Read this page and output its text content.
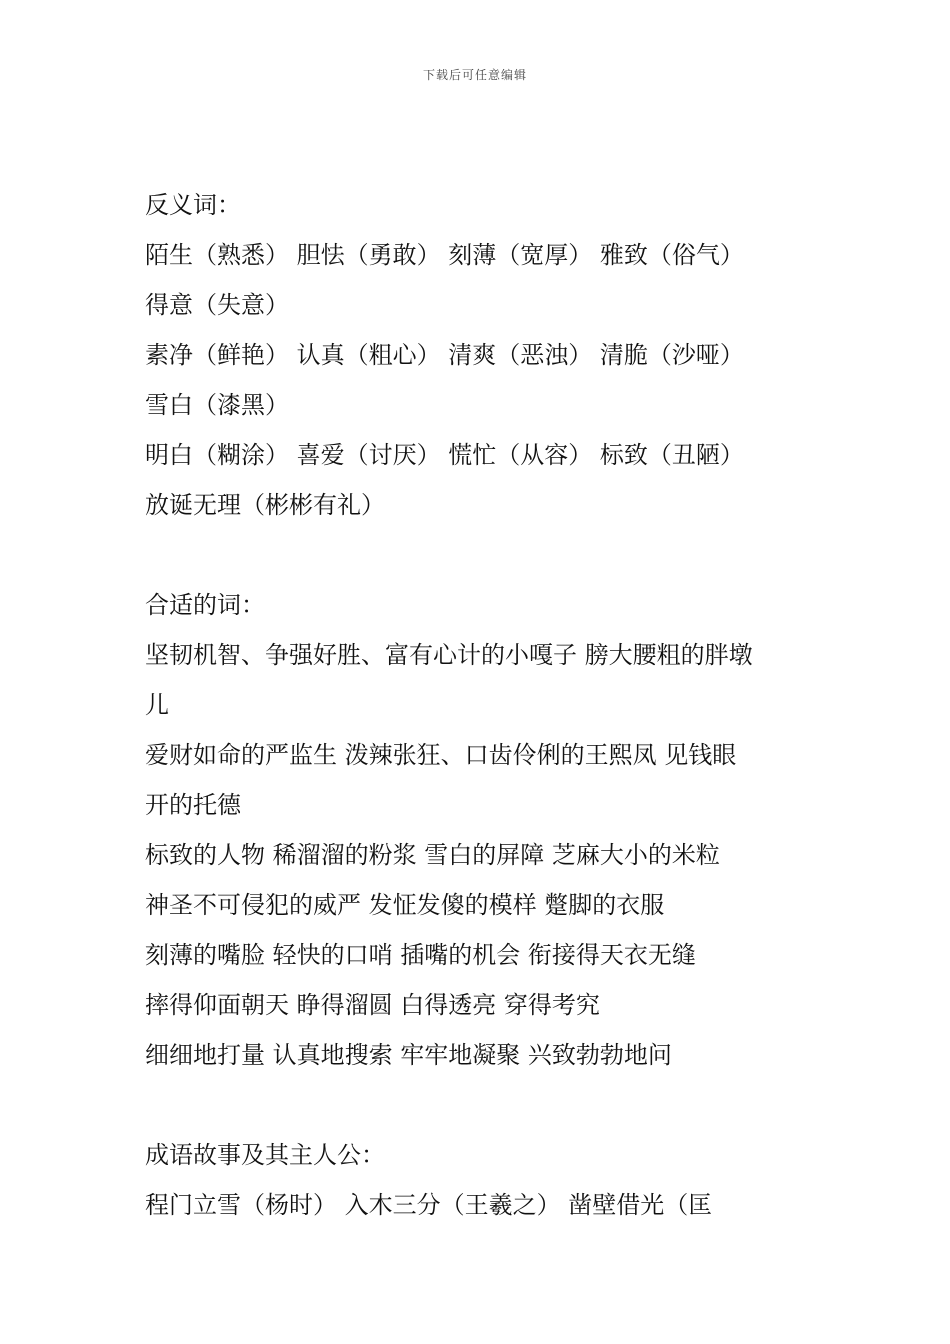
下载后可任意编辑
反义词：
陌生（熟悉） 胆怯（勇敢） 刻薄（宽厚） 雅致（俗气）
得意（失意）
素净（鲜艳） 认真（粗心） 清爽（恶浊） 清脆（沙哑）
雪白（漆黑）
明白（糊涂） 喜爱（讨厌） 慌忙（从容） 标致（丑陋）
放诞无理（彬彬有礼）
合适的词：
坚韧机智、争强好胜、富有心计的小嘎子 膀大腰粗的胖墩
儿
爱财如命的严监生 泼辣张狂、口齿伶俐的王熙凤 见钱眼
开的托德
标致的人物 稀溜溜的粉浆 雪白的屏障 芝麻大小的米粒
神圣不可侵犯的威严 发怔发傻的模样 蹩脚的衣服
刻薄的嘴脸 轻快的口哨 插嘴的机会 衔接得天衣无缝
摔得仰面朝天 睁得溜圆 白得透亮 穿得考究
细细地打量 认真地搜索 牢牢地凝聚 兴致勃勃地问
成语故事及其主人公：
程门立雪（杨时） 入木三分（王羲之） 凿壁借光（匡
